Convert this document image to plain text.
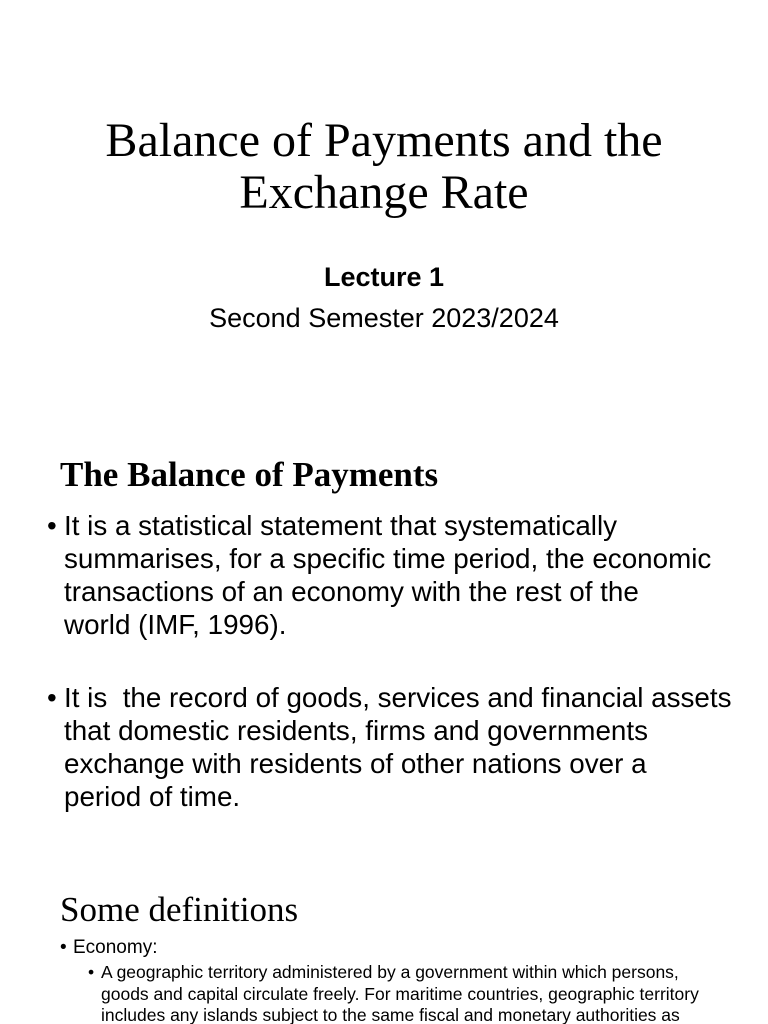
Balance of Payments and the
Exchange Rate
Lecture 1
Second Semester 2023/2024
The Balance of Payments
• It is a statistical statement that systematically
summarises, for a specific time period, the economic
transactions of an economy with the rest of the
world (IMF, 1996).
• It is  the record of goods, services and financial assets
that domestic residents, firms and governments
exchange with residents of other nations over a
period of time.
Some definitions
• Economy:
• A geographic territory administered by a government within which persons,
goods and capital circulate freely. For maritime countries, geographic territory
includes any islands subject to the same fiscal and monetary authorities as
